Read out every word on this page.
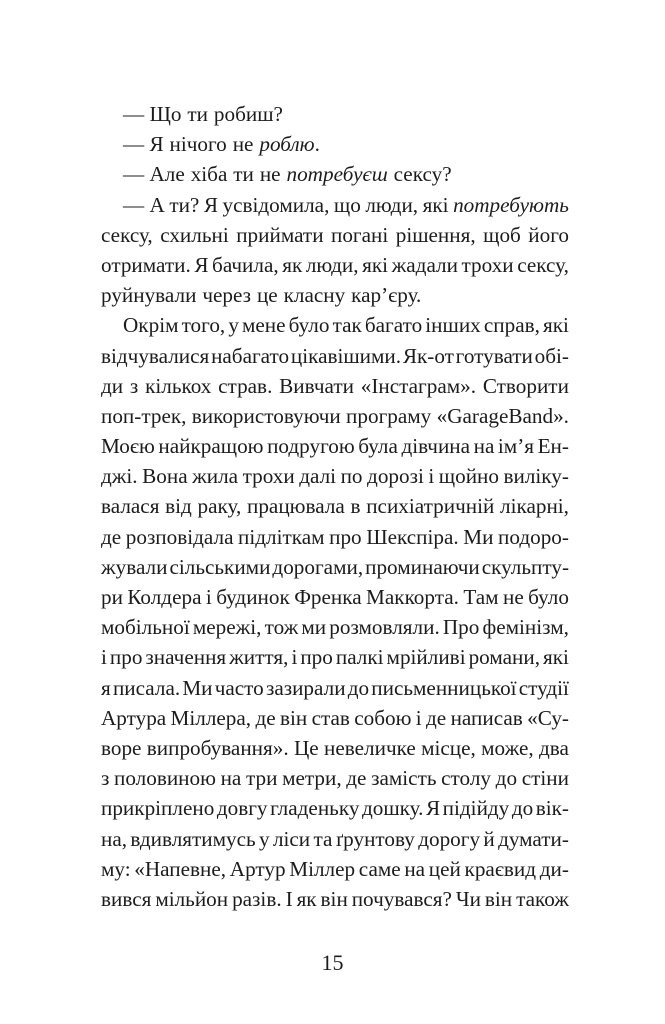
— Що ти робиш?
— Я нічого не роблю.
— Але хіба ти не потребуєш сексу?
— А ти? Я усвідомила, що люди, які потребують
сексу, схильні приймати погані рішення, щоб його
отримати. Я бачила, як люди, які жадали трохи сексу,
руйнували через це класну кар’єру.
Окрім того, у мене було так багато інших справ, які
відчувалися набагато цікавішими. Як-от готувати обі-
ди з кількох страв. Вивчати «Інстаграм». Створити
поп-трек, використовуючи програму «GarageBand».
Моєю найкращою подругою була дівчина на ім’я Ен-
джі. Вона жила трохи далі по дорозі і щойно виліку-
валася від раку, працювала в психіатричній лікарні,
де розповідала підліткам про Шекспіра. Ми подоро-
жували сільськими дорогами, проминаючи скульпту-
ри Колдера і будинок Френка Маккорта. Там не було
мобільної мережі, тож ми розмовляли. Про фемінізм,
і про значення життя, і про палкі мрійливі романи, які
я писала. Ми часто зазирали до письменницької студії
Артура Міллера, де він став собою і де написав «Су-
воре випробування». Це невеличке місце, може, два
з половиною на три метри, де замість столу до стіни
прикріплено довгу гладеньку дошку. Я підійду до вік-
на, вдивлятимусь у ліси та ґрунтову дорогу й думати-
му: «Напевне, Артур Міллер саме на цей краєвид ди-
вився мільйон разів. І як він почувався? Чи він також
15
